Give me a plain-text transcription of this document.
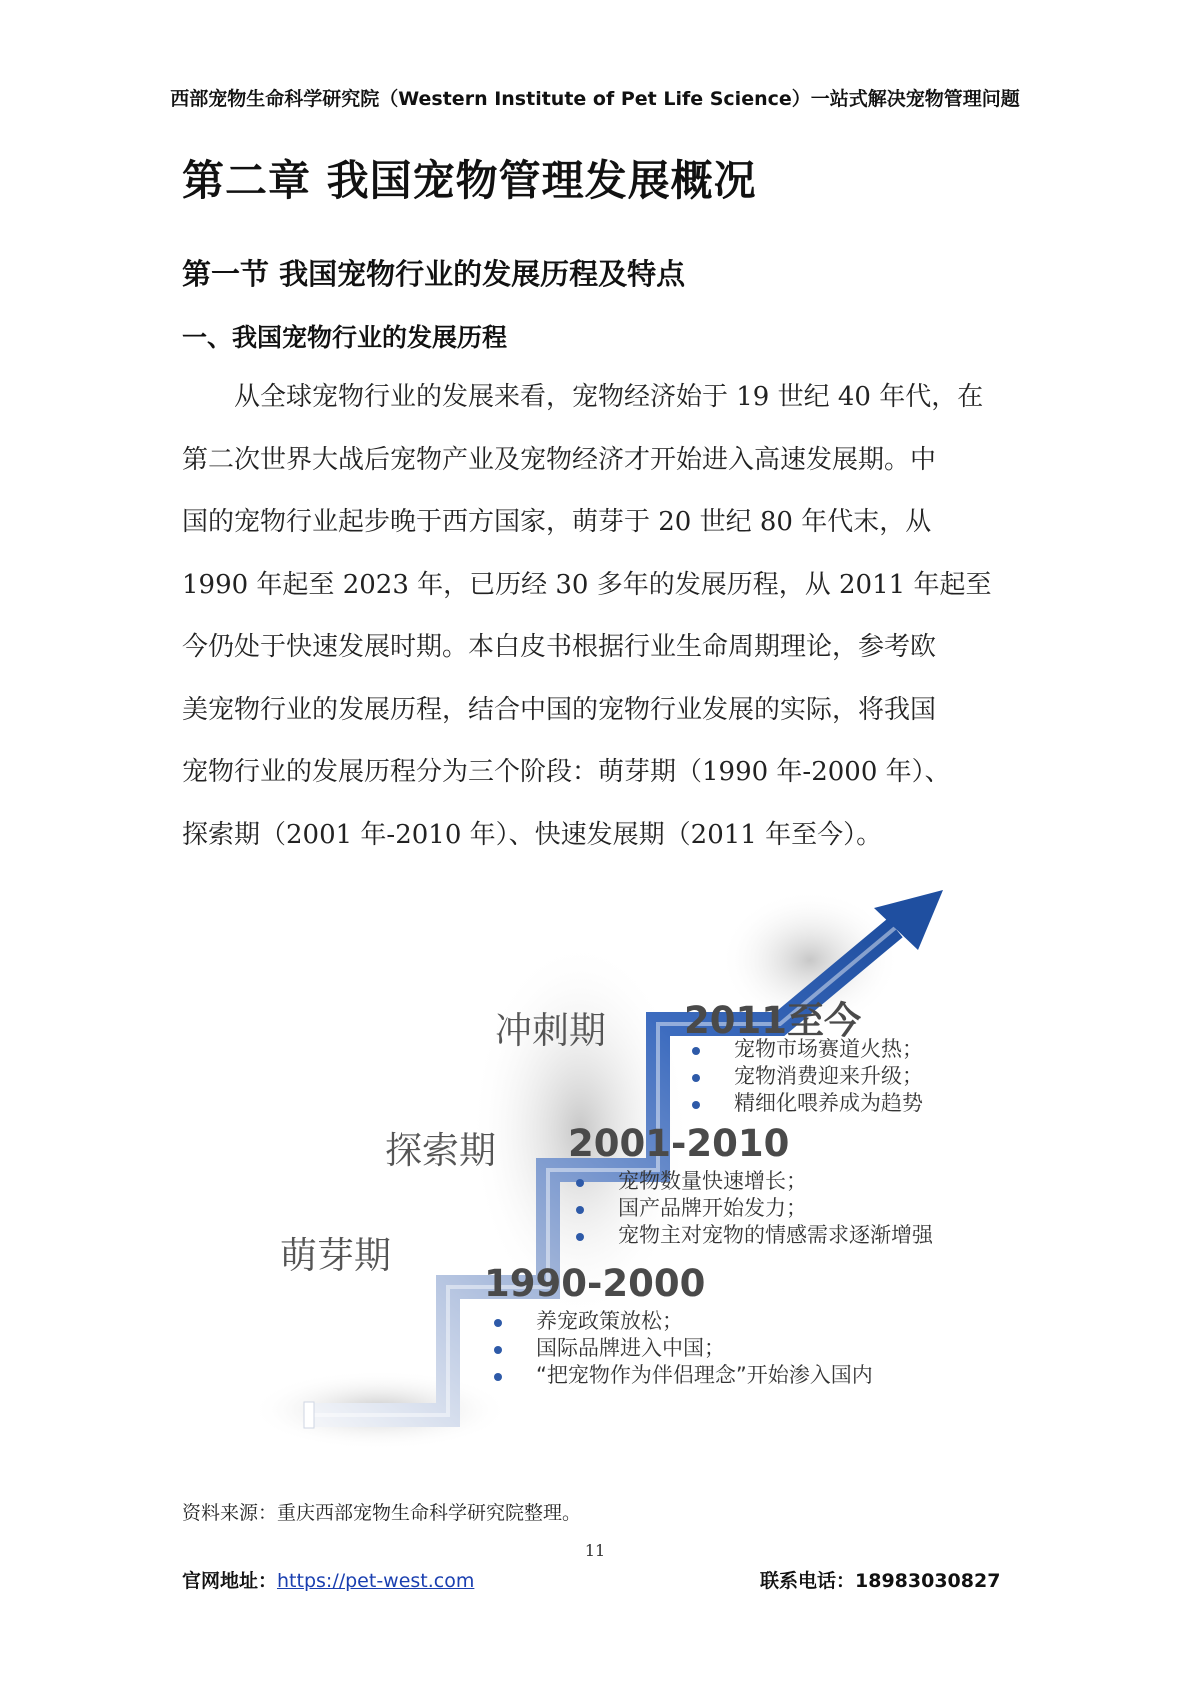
西部宠物生命科学研究院（Western Institute of Pet Life Science）一站式解决宠物管理问题
第二章 我国宠物管理发展概况
第一节 我国宠物行业的发展历程及特点
一、我国宠物行业的发展历程
　　从全球宠物行业的发展来看，宠物经济始于 19 世纪 40 年代，在
第二次世界大战后宠物产业及宠物经济才开始进入高速发展期。中
国的宠物行业起步晚于西方国家，萌芽于 20 世纪 80 年代末，从
1990 年起至 2023 年，已历经 30 多年的发展历程，从 2011 年起至
今仍处于快速发展时期。本白皮书根据行业生命周期理论，参考欧
美宠物行业的发展历程，结合中国的宠物行业发展的实际，将我国
宠物行业的发展历程分为三个阶段：萌芽期（1990 年-2000 年）、
探索期（2001 年-2010 年）、快速发展期（2011 年至今）。
萌芽期
探索期
冲刺期
1990-2000
养宠政策放松；
国际品牌进入中国；
“把宠物作为伴侣理念”开始渗入国内
2001-2010
宠物数量快速增长；
国产品牌开始发力；
宠物主对宠物的情感需求逐渐增强
2011至今
宠物市场赛道火热；
宠物消费迎来升级；
精细化喂养成为趋势
资料来源：重庆西部宠物生命科学研究院整理。
11
官网地址：https://pet-west.com	联系电话：18983030827
